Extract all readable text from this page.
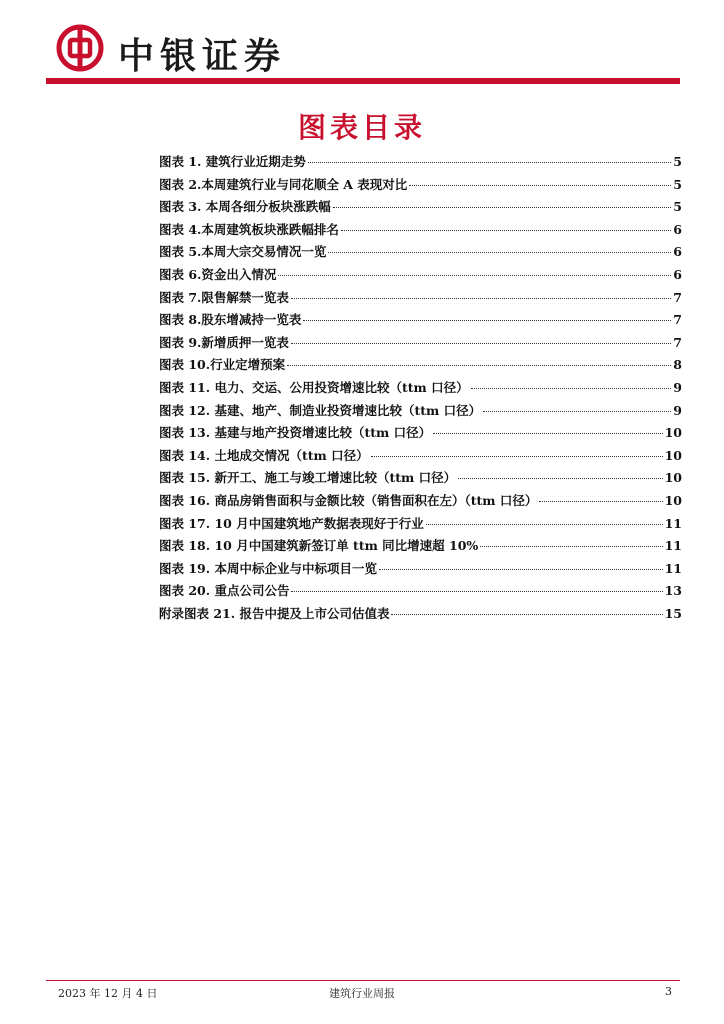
中银证券
图表目录
图表 1. 建筑行业近期走势	5
图表 2.本周建筑行业与同花顺全 A 表现对比	5
图表 3. 本周各细分板块涨跌幅	5
图表 4.本周建筑板块涨跌幅排名	6
图表 5.本周大宗交易情况一览	6
图表 6.资金出入情况	6
图表 7.限售解禁一览表	7
图表 8.股东增减持一览表	7
图表 9.新增质押一览表	7
图表 10.行业定增预案	8
图表 11. 电力、交运、公用投资增速比较（ttm 口径）	9
图表 12. 基建、地产、制造业投资增速比较（ttm 口径）	9
图表 13. 基建与地产投资增速比较（ttm 口径）	10
图表 14. 土地成交情况（ttm 口径）	10
图表 15. 新开工、施工与竣工增速比较（ttm 口径）	10
图表 16. 商品房销售面积与金额比较（销售面积在左）（ttm 口径）	10
图表 17. 10 月中国建筑地产数据表现好于行业	11
图表 18. 10 月中国建筑新签订单 ttm 同比增速超 10%	11
图表 19. 本周中标企业与中标项目一览	11
图表 20. 重点公司公告	13
附录图表 21. 报告中提及上市公司估值表	15
2023 年 12 月 4 日	建筑行业周报	3
